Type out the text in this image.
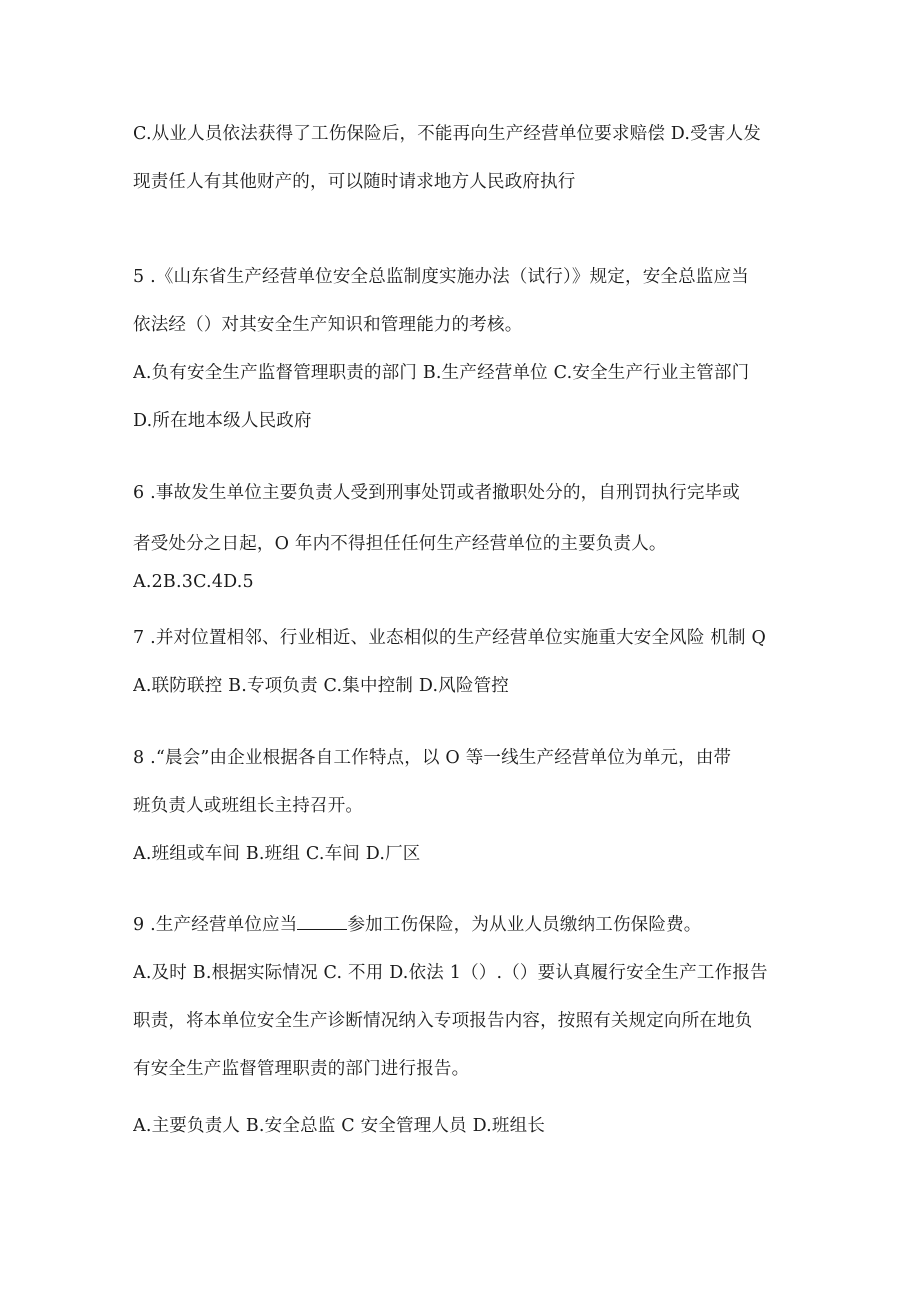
C.从业人员依法获得了工伤保险后，不能再向生产经营单位要求赔偿 D.受害人发
现责任人有其他财产的，可以随时请求地方人民政府执行
5 .《山东省生产经营单位安全总监制度实施办法（试行）》规定，安全总监应当
依法经（）对其安全生产知识和管理能力的考核。
A.负有安全生产监督管理职责的部门 B.生产经营单位 C.安全生产行业主管部门
D.所在地本级人民政府
6 .事故发生单位主要负责人受到刑事处罚或者撤职处分的，自刑罚执行完毕或
者受处分之日起，O 年内不得担任任何生产经营单位的主要负责人。
A.2B.3C.4D.5
7 .并对位置相邻、行业相近、业态相似的生产经营单位实施重大安全风险 机制 Q
A.联防联控 B.专项负责 C.集中控制 D.风险管控
8 .“晨会”由企业根据各自工作特点，以 O 等一线生产经营单位为单元，由带
班负责人或班组长主持召开。
A.班组或车间 B.班组 C.车间 D.厂区
9 .生产经营单位应当	参加工伤保险，为从业人员缴纳工伤保险费。
A.及时 B.根据实际情况 C. 不用 D.依法 1（）.（）要认真履行安全生产工作报告
职责，将本单位安全生产诊断情况纳入专项报告内容，按照有关规定向所在地负
有安全生产监督管理职责的部门进行报告。
A.主要负责人 B.安全总监 C 安全管理人员 D.班组长
